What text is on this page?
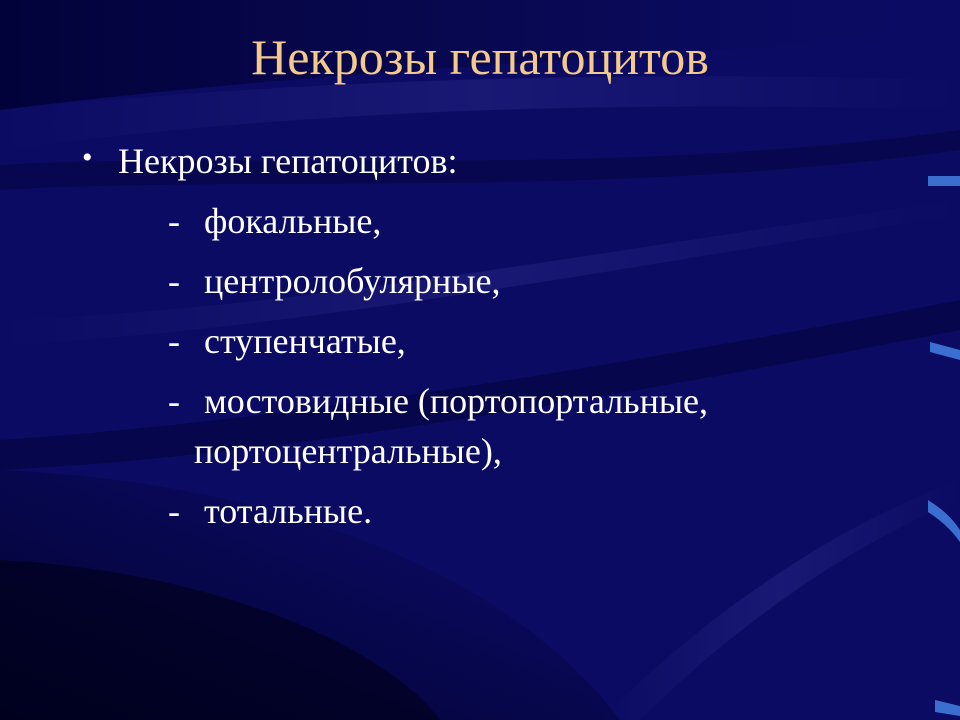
Некрозы гепатоцитов
• Некрозы гепатоцитов:
- фокальные,
- центролобулярные,
- ступенчатые,
- мостовидные (портопортальные,
портоцентральные),
- тотальные.
